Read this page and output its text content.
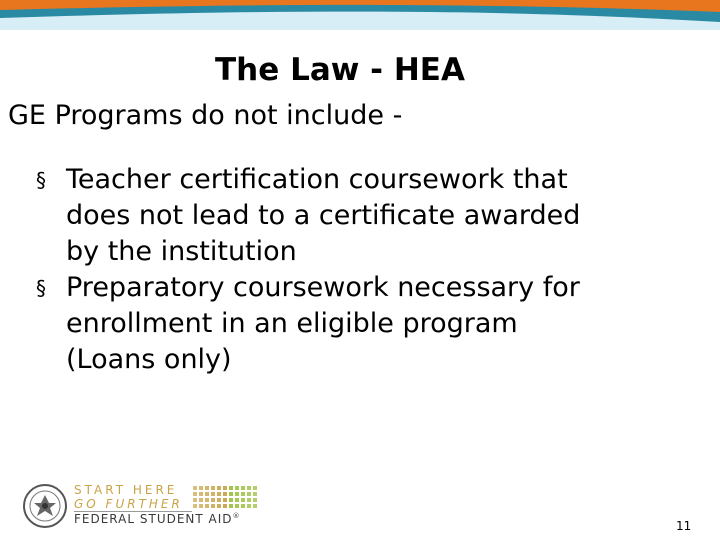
The Law - HEA
GE Programs do not include -
§ Teacher certification coursework that
does not lead to a certificate awarded
by the institution
§ Preparatory coursework necessary for
enrollment in an eligible program
(Loans only)
START HERE
GO FURTHER
FEDERAL STUDENT AID®
11
